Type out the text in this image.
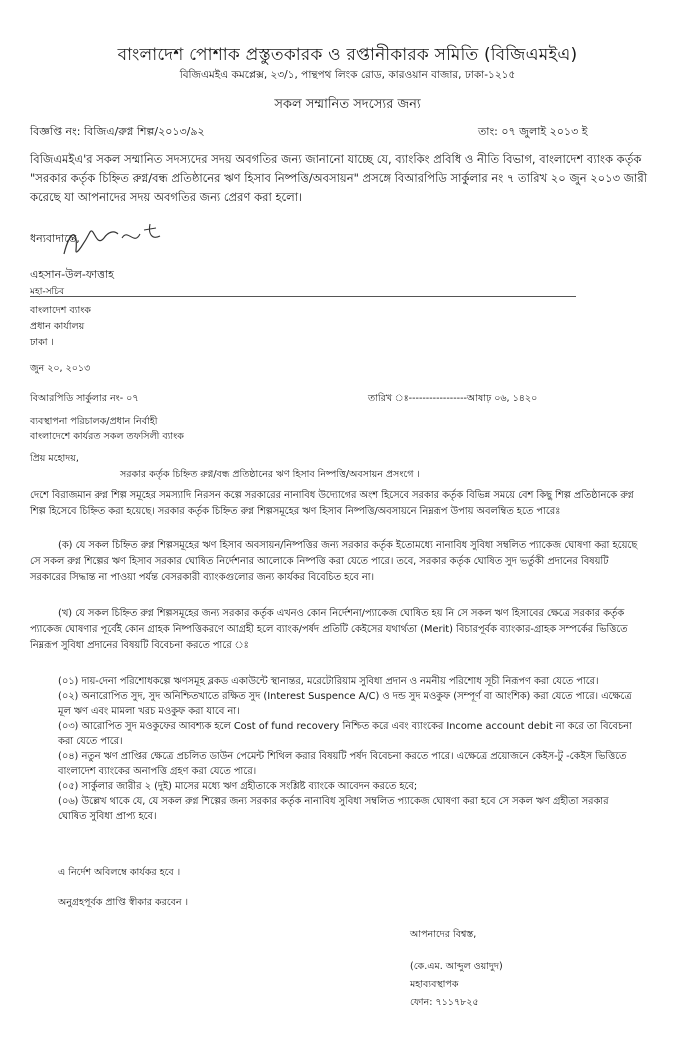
বাংলাদেশ পোশাক প্রস্তুতকারক ও রপ্তানীকারক সমিতি (বিজিএমইএ)
বিজিএমইএ কমপ্লেক্স, ২৩/১, পান্থপথ লিংক রোড, কারওয়ান বাজার, ঢাকা-১২১৫
সকল সম্মানিত সদস্যের জন্য
বিজ্ঞপ্তি নং: বিজিএ/রুগ্ন শিল্প/২০১৩/৯২	তাং: ০৭ জুলাই ২০১৩ ই
বিজিএমইএ'র সকল সম্মানিত সদস্যদের সদয় অবগতির জন্য জানানো যাচ্ছে যে, ব্যাংকিং প্রবিধি ও নীতি বিভাগ, বাংলাদেশ ব্যাংক কর্তৃক "সরকার কর্তৃক চিহ্নিত রুগ্ন/বন্ধ প্রতিষ্ঠানের ঋণ হিসাব নিষ্পত্তি/অবসায়ন" প্রসঙ্গে বিআরপিডি সার্কুলার নং ৭ তারিখ ২০ জুন ২০১৩ জারী করেছে যা আপনাদের সদয় অবগতির জন্য প্রেরণ করা হলো।
ধন্যবাদান্তে,
এহসান-উল-ফাত্তাহ
মহা-সচিব
বাংলাদেশ ব্যাংক
প্রধান কার্যালয়
ঢাকা ।
জুন ২০, ২০১৩
বিআরপিডি সার্কুলার নং- ০৭	তারিখ ঃ-----------------আষাঢ় ০৬, ১৪২০
ব্যবস্থাপনা পরিচালক/প্রধান নির্বাহী
বাংলাদেশে কার্যরত সকল তফসিলী ব্যাংক
প্রিয় মহোদয়,
সরকার কর্তৃক চিহ্নিত রুগ্ন/বন্ধ প্রতিষ্ঠানের ঋণ হিসাব নিষ্পত্তি/অবসায়ন প্রসংগে ।
দেশে বিরাজমান রুগ্ন শিল্প সমূহের সমস্যাদি নিরসন কল্পে সরকারের নানাবিধ উদ্যোগের অংশ হিসেবে সরকার কর্তৃক বিভিন্ন সময়ে বেশ কিছু শিল্প প্রতিষ্ঠানকে রুগ্ন শিল্প হিসেবে চিহ্নিত করা হয়েছে। সরকার কর্তৃক চিহ্নিত রুগ্ন শিল্পসমূহের ঋণ হিসাব নিষ্পত্তি/অবসায়নে নিম্নরূপ উপায় অবলম্বিত হতে পারেঃ
(ক) যে সকল চিহ্নিত রুগ্ন শিল্পসমূহের ঋণ হিসাব অবসায়ন/নিষ্পত্তির জন্য সরকার কর্তৃক ইতোমধ্যে নানাবিধ সুবিধা সম্বলিত প্যাকেজ ঘোষণা করা হয়েছে সে সকল রুগ্ন শিল্পের ঋণ হিসাব সরকার ঘোষিত নির্দেশনার আলোকে নিষ্পত্তি করা যেতে পারে। তবে, সরকার কর্তৃক ঘোষিত সুদ ভর্তুকী প্রদানের বিষয়টি সরকারের সিদ্ধান্ত না পাওয়া পর্যন্ত বেসরকারী ব্যাংকগুলোর জন্য কার্যকর বিবেচিত হবে না।
(খ) যে সকল চিহ্নিত রুগ্ন শিল্পসমূহের জন্য সরকার কর্তৃক এখনও কোন নির্দেশনা/প্যাকেজ ঘোষিত হয় নি সে সকল ঋণ হিসাবের ক্ষেত্রে সরকার কর্তৃক প্যাকেজ ঘোষণার পূর্বেই কোন গ্রাহক নিষ্পত্তিকরণে আগ্রহী হলে ব্যাংক/পর্ষদ প্রতিটি কেইসের যথার্থতা (Merit) বিচারপূর্বক ব্যাংকার-গ্রাহক সম্পর্কের ভিত্তিতে নিম্নরূপ সুবিধা প্রদানের বিষয়টি বিবেচনা করতে পারে ঃ
(০১) দায়-দেনা পরিশোধকল্পে ঋণসমূহ ব্লকড একাউন্টে স্থানান্তর, মরেটোরিয়াম সুবিধা প্রদান ও নমনীয় পরিশোধ সূচী নিরূপণ করা যেতে পারে।
(০২) অনারোপিত সুদ, সুদ অনিশ্চিতখাতে রক্ষিত সুদ (Interest Suspence A/C) ও দন্ড সুদ মওকুফ (সম্পূর্ণ বা আংশিক) করা যেতে পারে। এক্ষেত্রে মূল ঋণ এবং মামলা খরচ মওকুফ করা যাবে না।
(০৩) আরোপিত সুদ মওকুফের আবশ্যক হলে Cost of fund recovery নিশ্চিত করে এবং ব্যাংকের Income account debit না করে তা বিবেচনা করা যেতে পারে।
(০৪) নতুন ঋণ প্রাপ্তির ক্ষেত্রে প্রচলিত ডাউন পেমেন্ট শিথিল করার বিষয়টি পর্ষদ বিবেচনা করতে পারে। এক্ষেত্রে প্রয়োজনে কেইস-টু -কেইস ভিত্তিতে বাংলাদেশ ব্যাংকের অনাপত্তি গ্রহণ করা যেতে পারে।
(০৫) সার্কুলার জারীর ২ (দুই) মাসের মধ্যে ঋণ গ্রহীতাকে সংশ্লিষ্ট ব্যাংকে আবেদন করতে হবে;
(০৬) উল্লেখ থাকে যে, যে সকল রুগ্ন শিল্পের জন্য সরকার কর্তৃক নানাবিধ সুবিধা সম্বলিত প্যাকেজ ঘোষণা করা হবে সে সকল ঋণ গ্রহীতা সরকার ঘোষিত সুবিধা প্রাপ্য হবে।
এ নির্দেশ অবিলম্বে কার্যকর হবে ।
অনুগ্রহপূর্বক প্রাপ্তি স্বীকার করবেন ।
আপনাদের বিশ্বস্ত,
(কে.এম. আব্দুল ওয়াদুদ)
মহাব্যবস্থাপক
ফোন: ৭১১৭৮২৫
